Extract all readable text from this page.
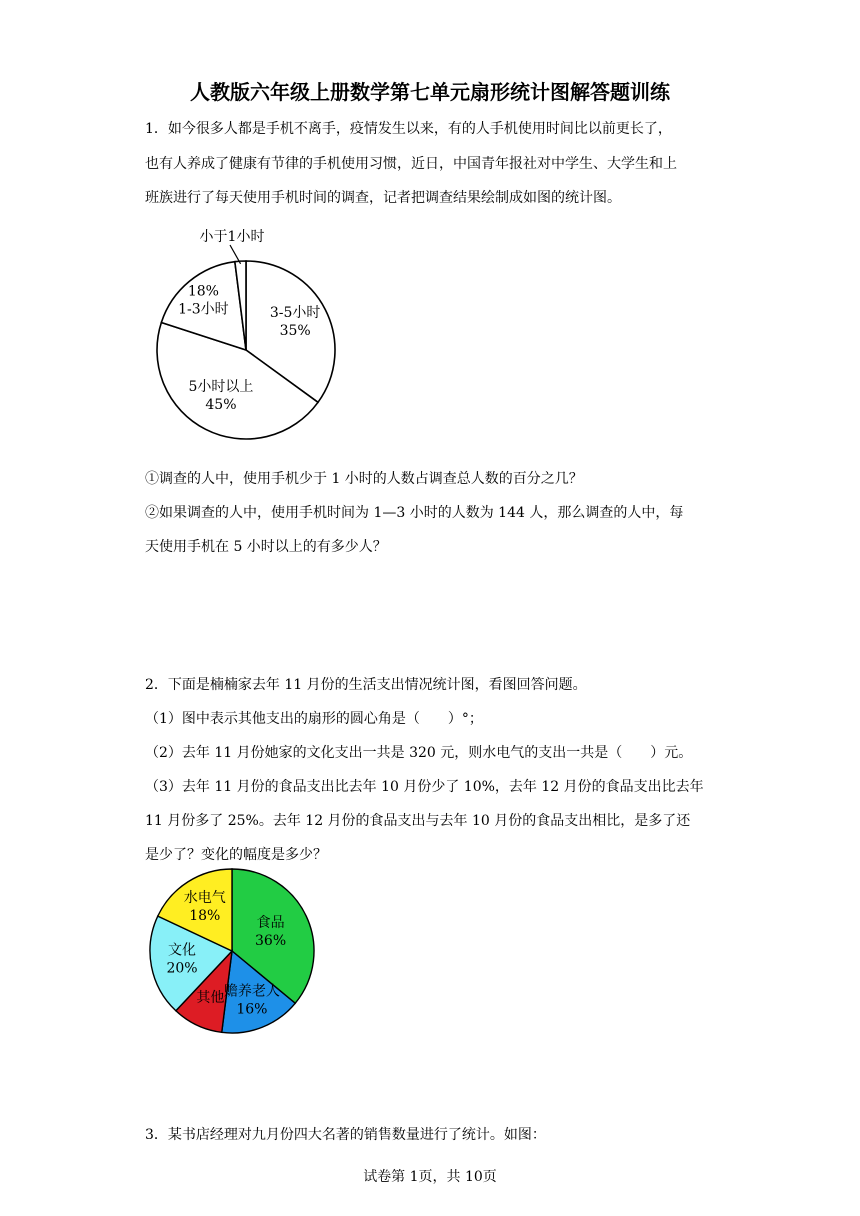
人教版六年级上册数学第七单元扇形统计图解答题训练
1．如今很多人都是手机不离手，疫情发生以来，有的人手机使用时间比以前更长了，
也有人养成了健康有节律的手机使用习惯，近日，中国青年报社对中学生、大学生和上
班族进行了每天使用手机时间的调查，记者把调查结果绘制成如图的统计图。
3-5小时
35%
5小时以上
45%
18%
1-3小时
小于1小时
①调查的人中，使用手机少于 1 小时的人数占调查总人数的百分之几？
②如果调查的人中，使用手机时间为 1—3 小时的人数为 144 人，那么调查的人中，每
天使用手机在 5 小时以上的有多少人？
2．下面是楠楠家去年 11 月份的生活支出情况统计图，看图回答问题。
（1）图中表示其他支出的扇形的圆心角是（　　）°；
（2）去年 11 月份她家的文化支出一共是 320 元，则水电气的支出一共是（　　）元。
（3）去年 11 月份的食品支出比去年 10 月份少了 10%，去年 12 月份的食品支出比去年
11 月份多了 25%。去年 12 月份的食品支出与去年 10 月份的食品支出相比，是多了还
是少了？变化的幅度是多少？
食品
36%
赡养老人
16%
其他
文化
20%
水电气
18%
3．某书店经理对九月份四大名著的销售数量进行了统计。如图：
试卷第 1页，共 10页
